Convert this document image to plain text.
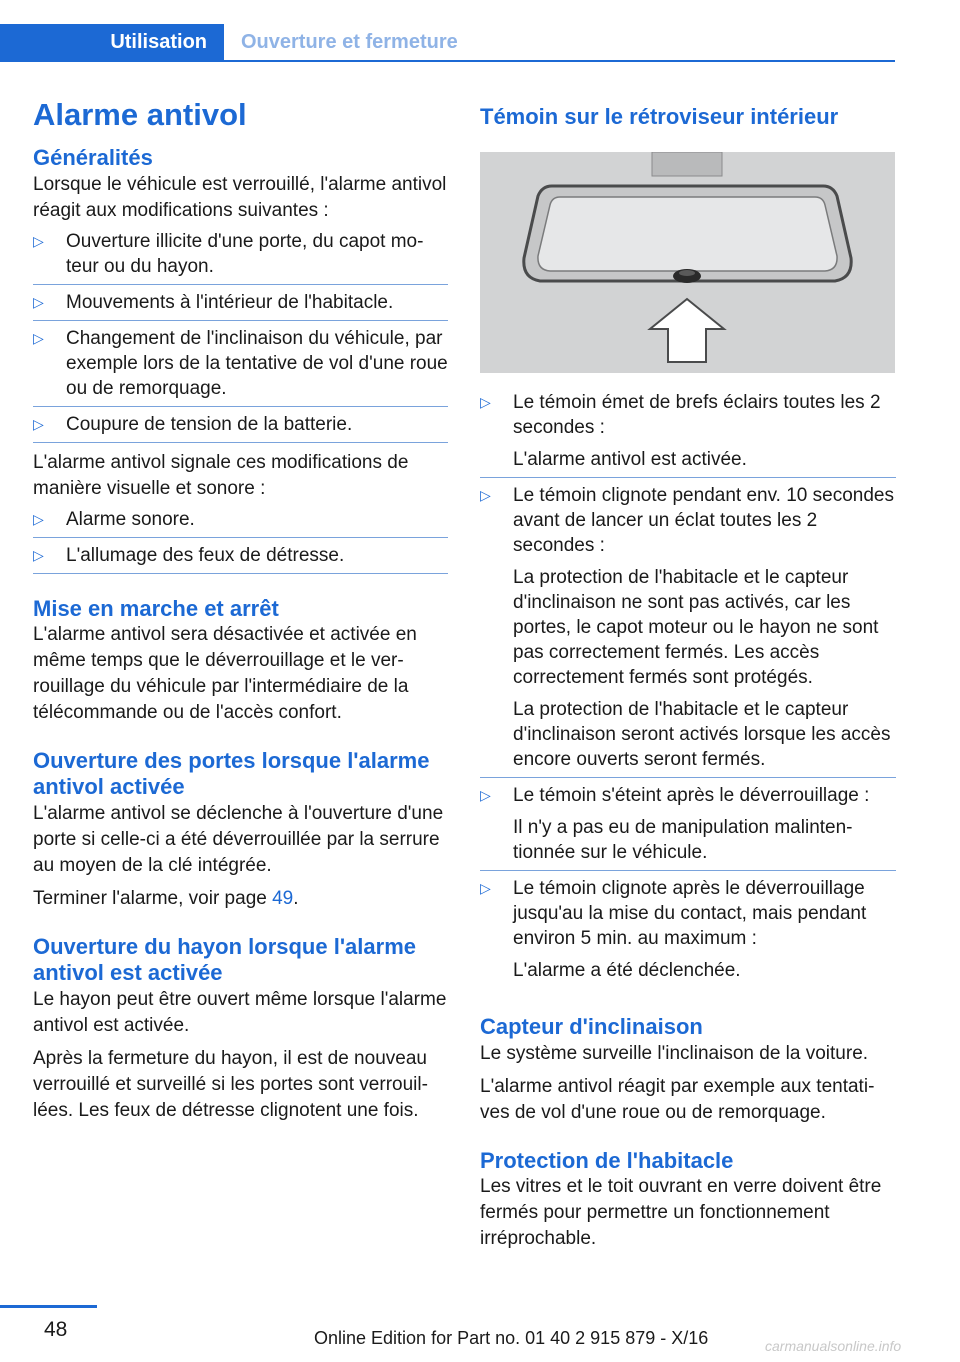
Utilisation	Ouverture et fermeture
Alarme antivol
Généralités

Lorsque le véhicule est verrouillé, l'alarme antivol réagit aux modifications suivantes :

▷ Ouverture illicite d'une porte, du capot moteur ou du hayon.
▷ Mouvements à l'intérieur de l'habitacle.
▷ Changement de l'inclinaison du véhicule, par exemple lors de la tentative de vol d'une roue ou de remorquage.
▷ Coupure de tension de la batterie.

L'alarme antivol signale ces modifications de manière visuelle et sonore :

▷ Alarme sonore.
▷ L'allumage des feux de détresse.
Mise en marche et arrêt

L'alarme antivol sera désactivée et activée en même temps que le déverrouillage et le verrouillage du véhicule par l'intermédiaire de la télécommande ou de l'accès confort.

Ouverture des portes lorsque l'alarme antivol activée

L'alarme antivol se déclenche à l'ouverture d'une porte si celle-ci a été déverrouillée par la serrure au moyen de la clé intégrée.

Terminer l'alarme, voir page 49.

Ouverture du hayon lorsque l'alarme antivol est activée

Le hayon peut être ouvert même lorsque l'alarme antivol est activée.

Après la fermeture du hayon, il est de nouveau verrouillé et surveillé si les portes sont verrouillées. Les feux de détresse clignotent une fois.

Témoin sur le rétroviseur intérieur
▷ Le témoin émet de brefs éclairs toutes les 2 secondes :
L'alarme antivol est activée.
▷ Le témoin clignote pendant env. 10 secondes avant de lancer un éclat toutes les 2 secondes :
La protection de l'habitacle et le capteur d'inclinaison ne sont pas activés, car les portes, le capot moteur ou le hayon ne sont pas correctement fermés. Les accès correctement fermés sont protégés.
La protection de l'habitacle et le capteur d'inclinaison seront activés lorsque les accès encore ouverts seront fermés.
▷ Le témoin s'éteint après le déverrouillage :
Il n'y a pas eu de manipulation malintentionnée sur le véhicule.
▷ Le témoin clignote après le déverrouillage jusqu'au la mise du contact, mais pendant environ 5 min. au maximum :
L'alarme a été déclenchée.
Capteur d'inclinaison

Le système surveille l'inclinaison de la voiture.

L'alarme antivol réagit par exemple aux tentatives de vol d'une roue ou de remorquage.

Protection de l'habitacle

Les vitres et le toit ouvrant en verre doivent être fermés pour permettre un fonctionnement irréprochable.

48	Online Edition for Part no. 01 40 2 915 879 - X/16	carmanualsonline.info
